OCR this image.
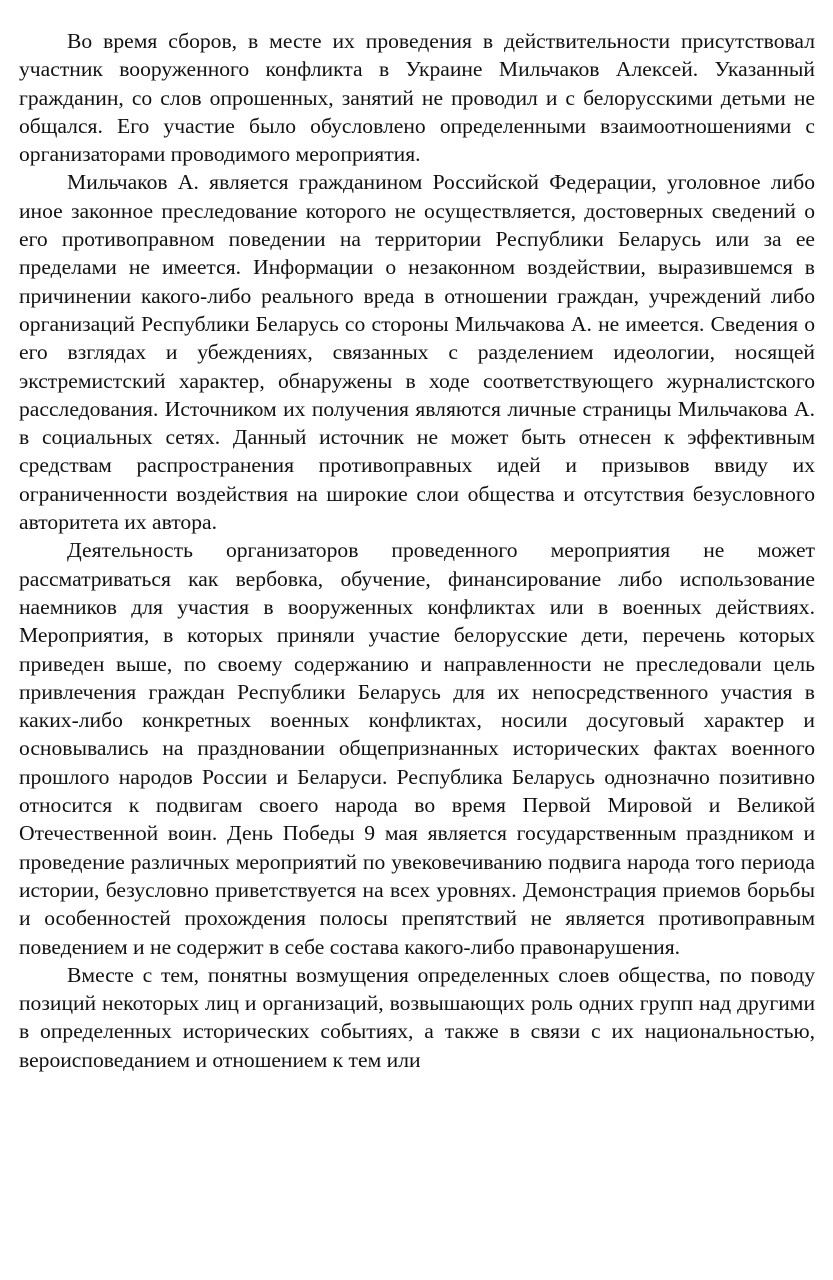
Во время сборов, в месте их проведения в действительности присутствовал участник вооруженного конфликта в Украине Мильчаков Алексей. Указанный гражданин, со слов опрошенных, занятий не проводил и с белорусскими детьми не общался. Его участие было обусловлено определенными взаимоотношениями с организаторами проводимого мероприятия.

Мильчаков А. является гражданином Российской Федерации, уголовное либо иное законное преследование которого не осуществляется, достоверных сведений о его противоправном поведении на территории Республики Беларусь или за ее пределами не имеется. Информации о незаконном воздействии, выразившемся в причинении какого-либо реального вреда в отношении граждан, учреждений либо организаций Республики Беларусь со стороны Мильчакова А. не имеется. Сведения о его взглядах и убеждениях, связанных с разделением идеологии, носящей экстремистский характер, обнаружены в ходе соответствующего журналистского расследования. Источником их получения являются личные страницы Мильчакова А. в социальных сетях. Данный источник не может быть отнесен к эффективным средствам распространения противоправных идей и призывов ввиду их ограниченности воздействия на широкие слои общества и отсутствия безусловного авторитета их автора.

Деятельность организаторов проведенного мероприятия не может рассматриваться как вербовка, обучение, финансирование либо использование наемников для участия в вооруженных конфликтах или в военных действиях. Мероприятия, в которых приняли участие белорусские дети, перечень которых приведен выше, по своему содержанию и направленности не преследовали цель привлечения граждан Республики Беларусь для их непосредственного участия в каких-либо конкретных военных конфликтах, носили досуговый характер и основывались на праздновании общепризнанных исторических фактах военного прошлого народов России и Беларуси. Республика Беларусь однозначно позитивно относится к подвигам своего народа во время Первой Мировой и Великой Отечественной воин. День Победы 9 мая является государственным праздником и проведение различных мероприятий по увековечиванию подвига народа того периода истории, безусловно приветствуется на всех уровнях. Демонстрация приемов борьбы и особенностей прохождения полосы препятствий не является противоправным поведением и не содержит в себе состава какого-либо правонарушения.

Вместе с тем, понятны возмущения определенных слоев общества, по поводу позиций некоторых лиц и организаций, возвышающих роль одних групп над другими в определенных исторических событиях, а также в связи с их национальностью, вероисповеданием и отношением к тем или
